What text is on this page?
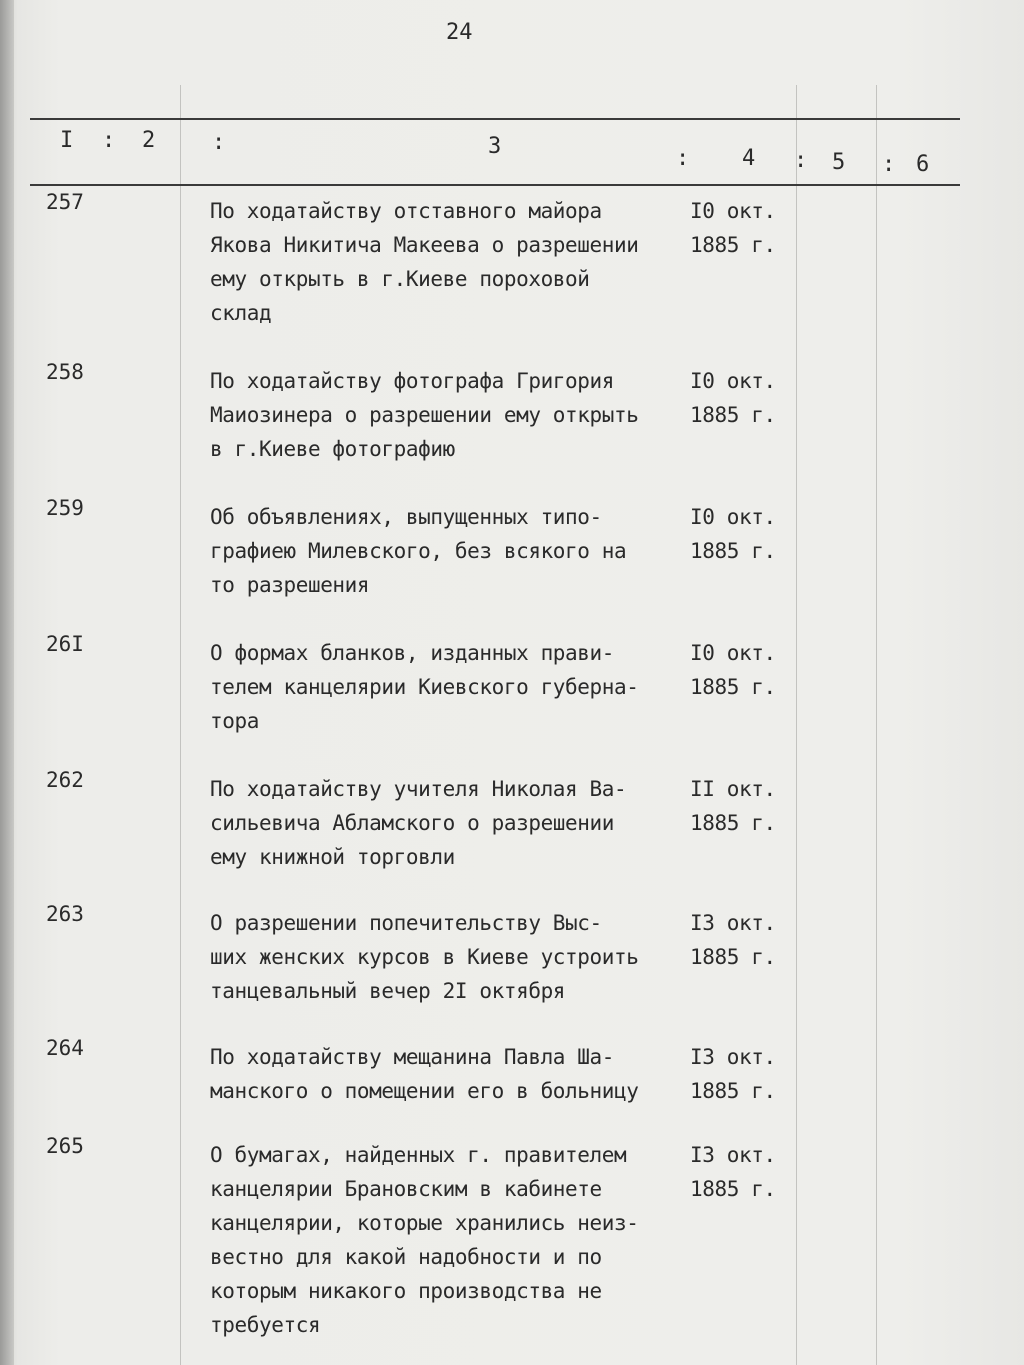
24
I : 2	:	3	: 4 : 5 : 6
257	По ходатайству отставного майора
Якова Никитича Макеева о разрешении
ему открыть в г.Киеве пороховой
склад
I0 окт.
1885 г.
258	По ходатайству фотографа Григория
Маиозинера о разрешении ему открыть
в г.Киеве фотографию
I0 окт.
1885 г.
259	Об объявлениях, выпущенных типо-
графиею Милевского, без всякого на
то разрешения
I0 окт.
1885 г.
26I	О формах бланков, изданных прави-
телем канцелярии Киевского губерна-
тора
I0 окт.
1885 г.
262	По ходатайству учителя Николая Ва-
сильевича Абламского о разрешении
ему книжной торговли
II окт.
1885 г.
263	О разрешении попечительству Выс-
ших женских курсов в Киеве устроить
танцевальный вечер 2I октября
I3 окт.
1885 г.
264	По ходатайству мещанина Павла Ша-
манского о помещении его в больницу
I3 окт.
1885 г.
265	О бумагах, найденных г. правителем
канцелярии Брановским в кабинете
канцелярии, которые хранились неиз-
вестно для какой надобности и по
которым никакого производства не
требуется
I3 окт.
1885 г.
